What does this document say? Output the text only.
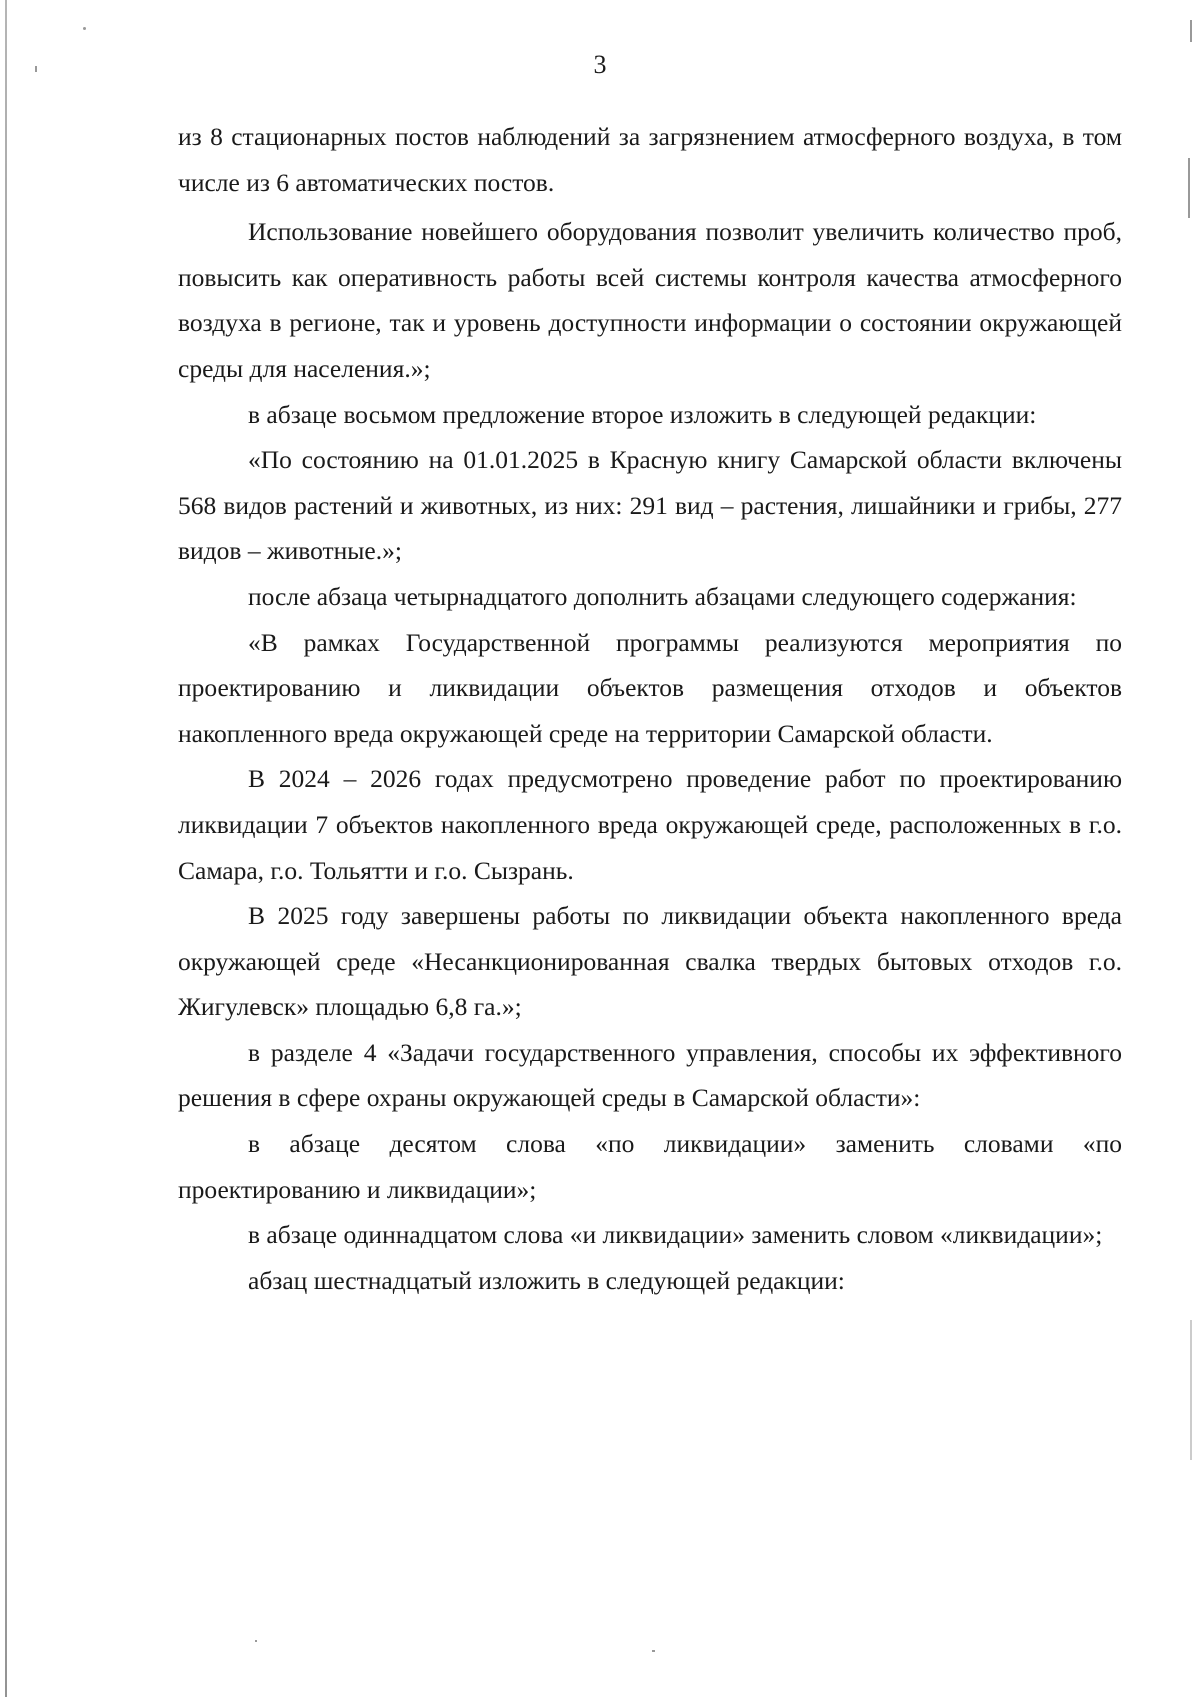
3

из 8 стационарных постов наблюдений за загрязнением атмосферного воздуха, в том числе из 6 автоматических постов.

Использование новейшего оборудования позволит увеличить количество проб, повысить как оперативность работы всей системы контроля качества атмосферного воздуха в регионе, так и уровень доступности информации о состоянии окружающей среды для населения.»;

в абзаце восьмом предложение второе изложить в следующей редакции:

«По состоянию на 01.01.2025 в Красную книгу Самарской области включены 568 видов растений и животных, из них: 291 вид – растения, лишайники и грибы, 277 видов – животные.»;

после абзаца четырнадцатого дополнить абзацами следующего содержания:

«В рамках Государственной программы реализуются мероприятия по проектированию и ликвидации объектов размещения отходов и объектов накопленного вреда окружающей среде на территории Самарской области.

В 2024 – 2026 годах предусмотрено проведение работ по проектированию ликвидации 7 объектов накопленного вреда окружающей среде, расположенных в г.о. Самара, г.о. Тольятти и г.о. Сызрань.

В 2025 году завершены работы по ликвидации объекта накопленного вреда окружающей среде «Несанкционированная свалка твердых бытовых отходов г.о. Жигулевск» площадью 6,8 га.»;

в разделе 4 «Задачи государственного управления, способы их эффективного решения в сфере охраны окружающей среды в Самарской области»:

в абзаце десятом слова «по ликвидации» заменить словами «по проектированию и ликвидации»;

в абзаце одиннадцатом слова «и ликвидации» заменить словом «ликвидации»;

абзац шестнадцатый изложить в следующей редакции:
